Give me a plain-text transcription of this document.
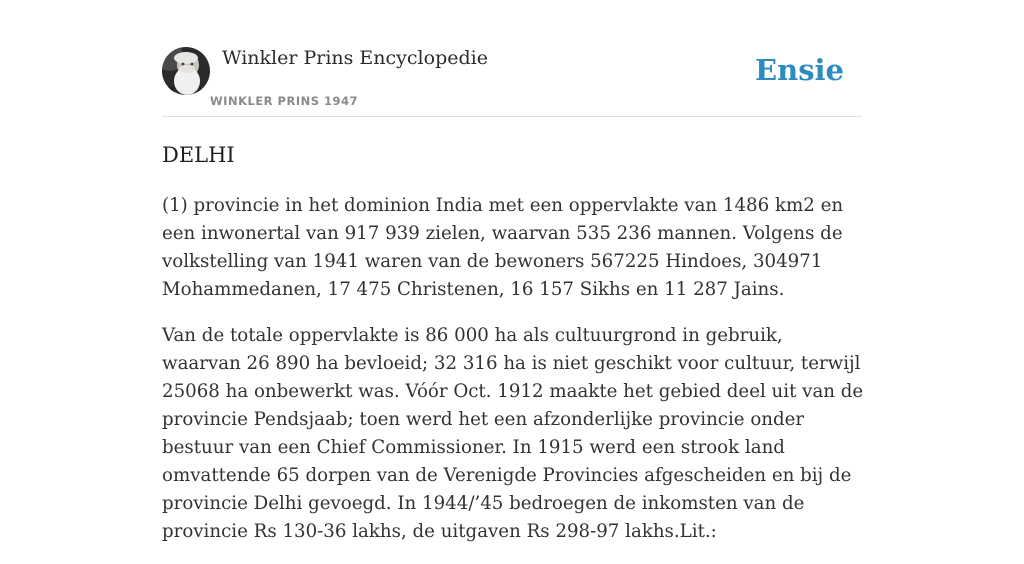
Winkler Prins Encyclopedie
WINKLER PRINS 1947
Ensie
DELHI

(1) provincie in het dominion India met een oppervlakte van 1486 km2 en een inwonertal van 917 939 zielen, waarvan 535 236 mannen. Volgens de volkstelling van 1941 waren van de bewoners 567225 Hindoes, 304971 Mohammedanen, 17 475 Christenen, 16 157 Sikhs en 11 287 Jains.

Van de totale oppervlakte is 86 000 ha als cultuurgrond in gebruik, waarvan 26 890 ha bevloeid; 32 316 ha is niet geschikt voor cultuur, terwijl 25068 ha onbewerkt was. Vóór Oct. 1912 maakte het gebied deel uit van de provincie Pendsjaab; toen werd het een afzonderlijke provincie onder bestuur van een Chief Commissioner. In 1915 werd een strook land omvattende 65 dorpen van de Verenigde Provincies afgescheiden en bij de provincie Delhi gevoegd. In 1944/’45 bedroegen de inkomsten van de provincie Rs 130-36 lakhs, de uitgaven Rs 298-97 lakhs.Lit.:
